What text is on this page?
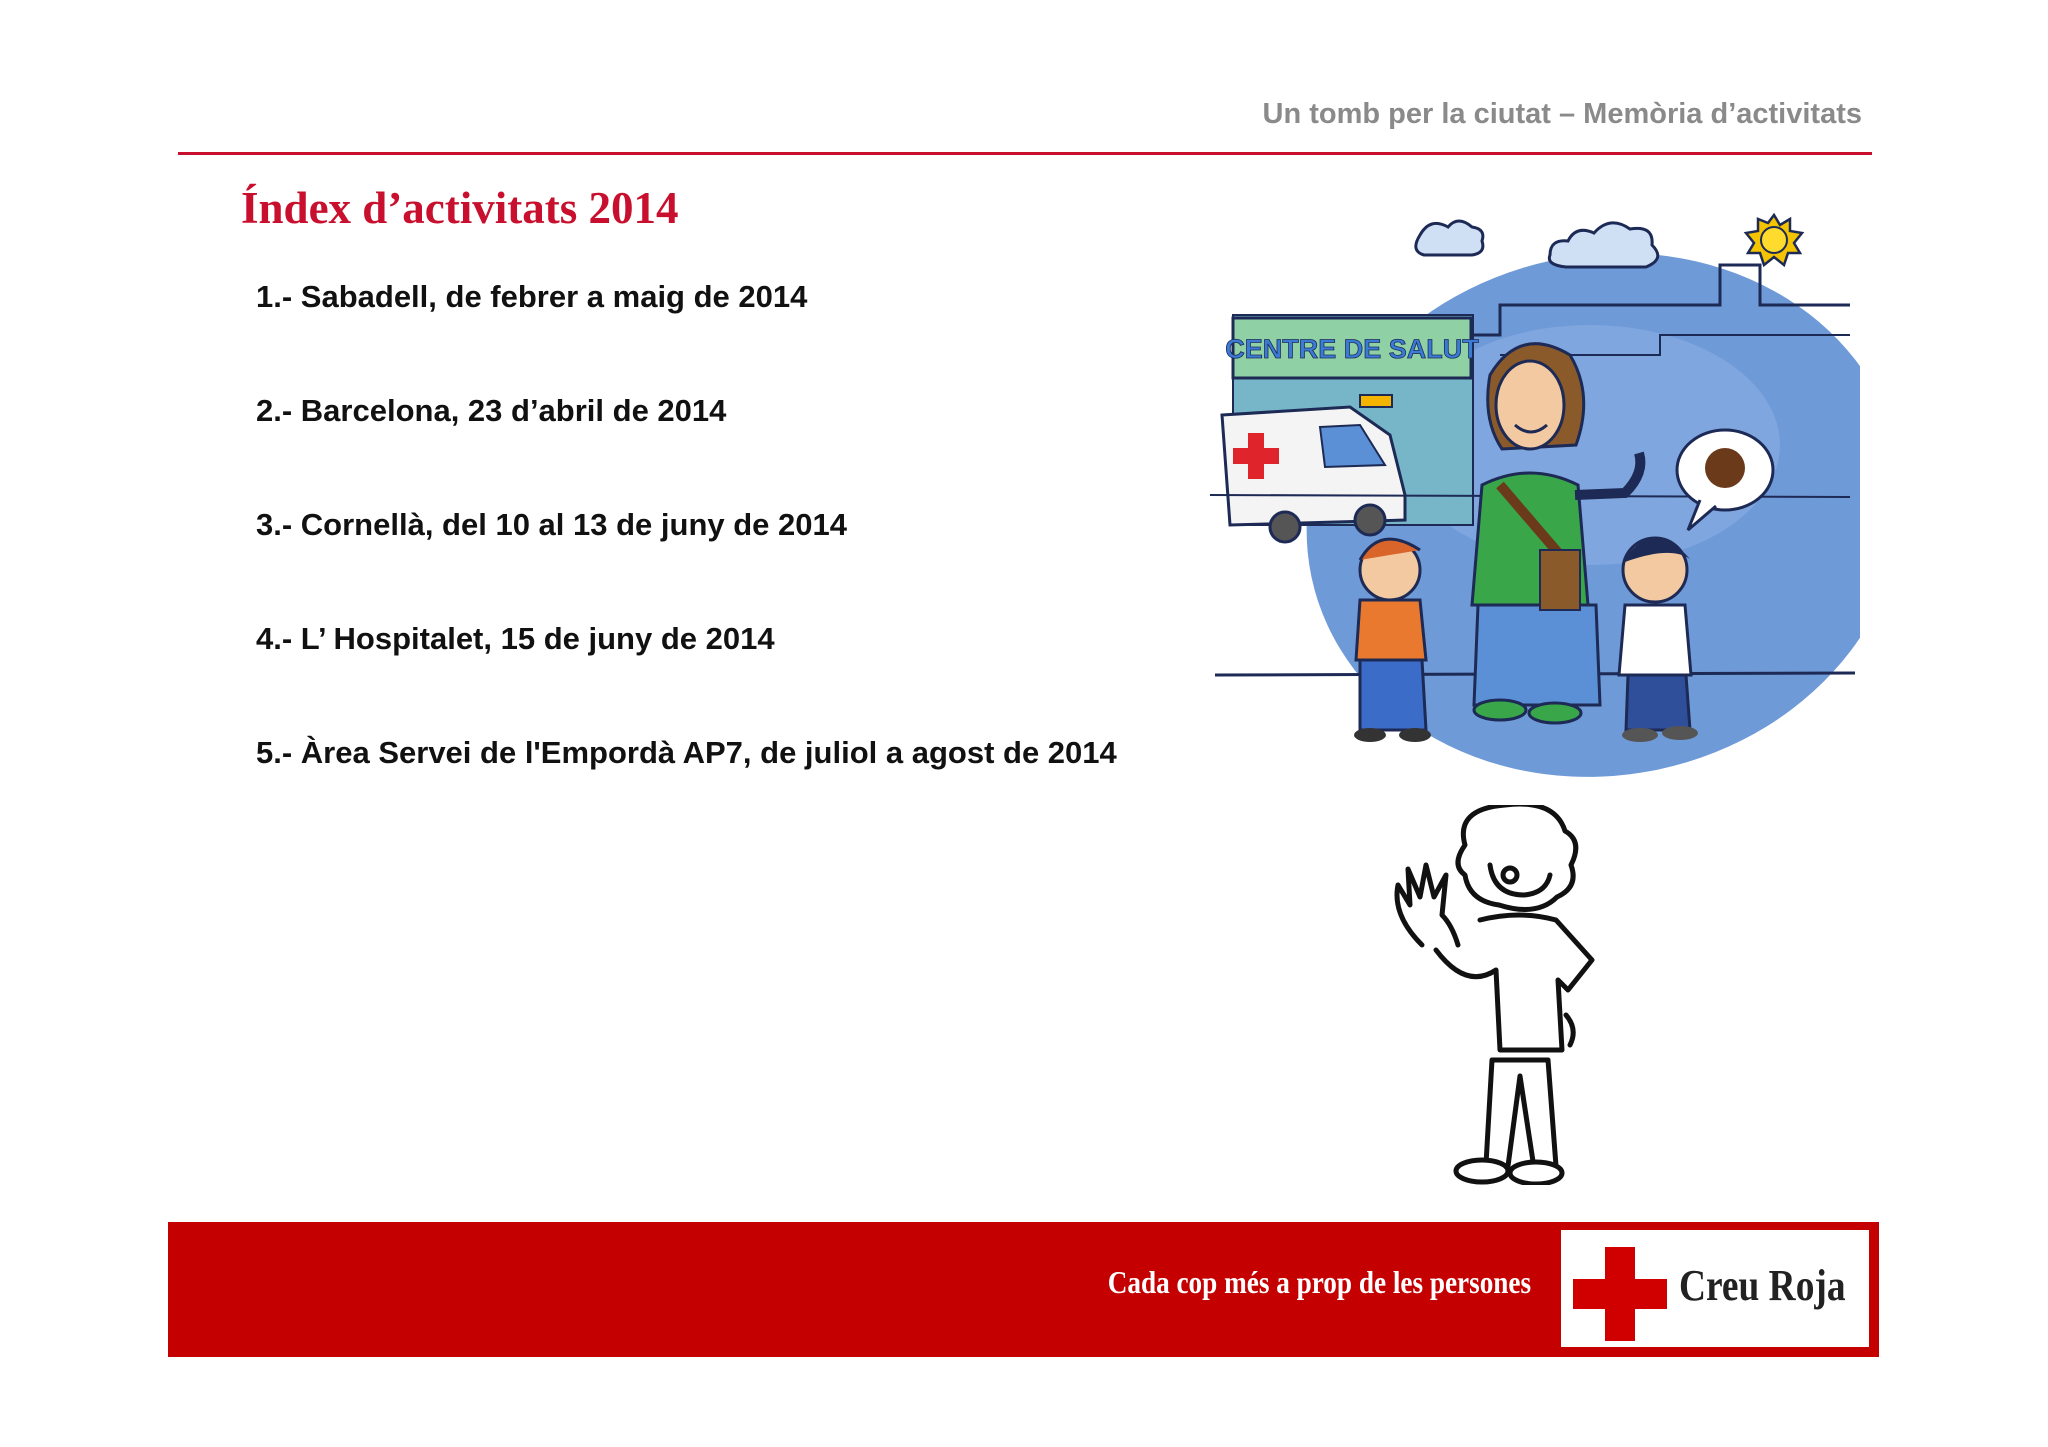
Un tomb per la ciutat – Memòria d’activitats
Índex d’activitats 2014
1.- Sabadell, de febrer a maig de 2014
2.- Barcelona, 23 d’abril de 2014
3.- Cornellà, del 10 al 13 de juny de 2014
4.- L’ Hospitalet, 15 de juny de 2014
5.- Àrea Servei de l'Empordà AP7, de juliol a agost de 2014
CENTRE DE SALUT
Cada cop més a prop de les persones	Creu Roja
